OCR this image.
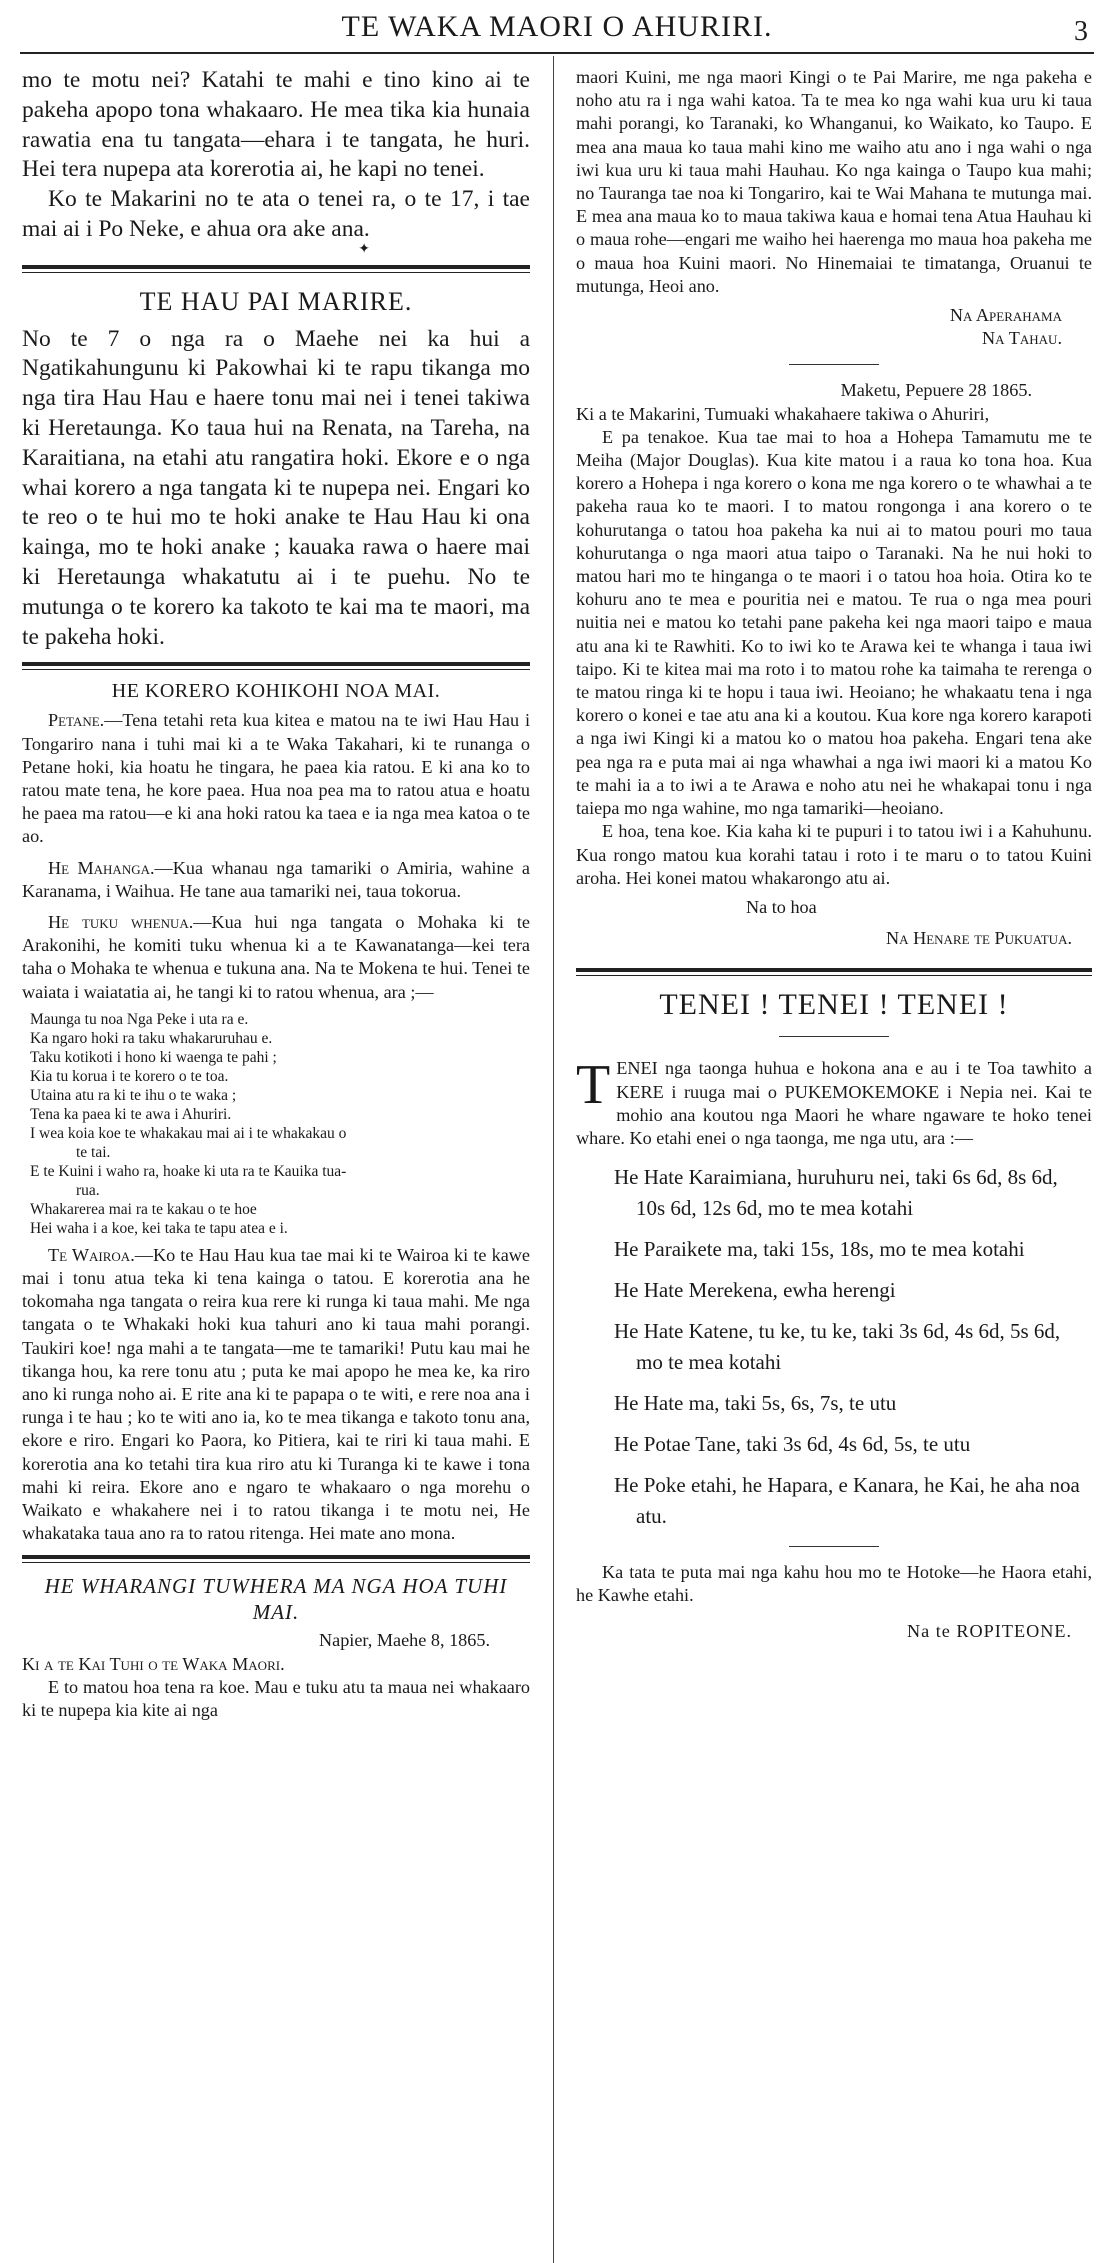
TE WAKA MAORI O AHURIRI.	3

mo te motu nei? Katahi te mahi e tino kino ai te pakeha apopo tona whakaaro. He mea tika kia hunaia rawatia ena tu tangata—ehara i te tangata, he huri. Hei tera nupepa ata korerotia ai, he kapi no tenei.

Ko te Makarini no te ata o tenei ra, o te 17, i tae mai ai i Po Neke, e ahua ora ake ana.

✦
TE HAU PAI MARIRE.

No te 7 o nga ra o Maehe nei ka hui a Ngatikahungunu ki Pakowhai ki te rapu tikanga mo nga tira Hau Hau e haere tonu mai nei i tenei takiwa ki Heretaunga. Ko taua hui na Renata, na Tareha, na Karaitiana, na etahi atu rangatira hoki. Ekore e o nga whai korero a nga tangata ki te nupepa nei. Engari ko te reo o te hui mo te hoki anake te Hau Hau ki ona kainga, mo te hoki anake ; kauaka rawa o haere mai ki Heretaunga whakatutu ai i te puehu. No te mutunga o te korero ka takoto te kai ma te maori, ma te pakeha hoki.

HE KORERO KOHIKOHI NOA MAI.

Petane.—Tena tetahi reta kua kitea e matou na te iwi Hau Hau i Tongariro nana i tuhi mai ki a te Waka Takahari, ki te runanga o Petane hoki, kia hoatu he tingara, he paea kia ratou. E ki ana ko to ratou mate tena, he kore paea. Hua noa pea ma to ratou atua e hoatu he paea ma ratou—e ki ana hoki ratou ka taea e ia nga mea katoa o te ao.

He Mahanga.—Kua whanau nga tamariki o Amiria, wahine a Karanama, i Waihua. He tane aua tamariki nei, taua tokorua.

He tuku whenua.—Kua hui nga tangata o Mohaka ki te Arakonihi, he komiti tuku whenua ki a te Kawanatanga—kei tera taha o Mohaka te whenua e tukuna ana. Na te Mokena te hui. Tenei te waiata i waiatatia ai, he tangi ki to ratou whenua, ara ;—

Maunga tu noa Nga Peke i uta ra e.
Ka ngaro hoki ra taku whakaruruhau e.
Taku kotikoti i hono ki waenga te pahi ;
Kia tu korua i te korero o te toa.
Utaina atu ra ki te ihu o te waka ;
Tena ka paea ki te awa i Ahuriri.
I wea koia koe te whakakau mai ai i te whakakau o
te tai.
E te Kuini i waho ra, hoake ki uta ra te Kauika tua-
rua.
Whakarerea mai ra te kakau o te hoe
Hei waha i a koe, kei taka te tapu atea e i.

Te Wairoa.—Ko te Hau Hau kua tae mai ki te Wairoa ki te kawe mai i tonu atua teka ki tena kainga o tatou. E korerotia ana he tokomaha nga tangata o reira kua rere ki runga ki taua mahi. Me nga tangata o te Whakaki hoki kua tahuri ano ki taua mahi porangi. Taukiri koe! nga mahi a te tangata—me te tamariki! Putu kau mai he tikanga hou, ka rere tonu atu ; puta ke mai apopo he mea ke, ka riro ano ki runga noho ai. E rite ana ki te papapa o te witi, e rere noa ana i runga i te hau ; ko te witi ano ia, ko te mea tikanga e takoto tonu ana, ekore e riro. Engari ko Paora, ko Pitiera, kai te riri ki taua mahi. E korerotia ana ko tetahi tira kua riro atu ki Turanga ki te kawe i tona mahi ki reira. Ekore ano e ngaro te whakaaro o nga morehu o Waikato e whakahere nei i to ratou tikanga i te motu nei, He whakataka taua ano ra to ratou ritenga. Hei mate ano mona.

HE WHARANGI TUWHERA MA NGA HOA TUHI MAI.

Napier, Maehe 8, 1865.

Ki a te Kai Tuhi o te Waka Maori.

E to matou hoa tena ra koe. Mau e tuku atu ta maua nei whakaaro ki te nupepa kia kite ai nga

maori Kuini, me nga maori Kingi o te Pai Marire, me nga pakeha e noho atu ra i nga wahi katoa. Ta te mea ko nga wahi kua uru ki taua mahi porangi, ko Taranaki, ko Whanganui, ko Waikato, ko Taupo. E mea ana maua ko taua mahi kino me waiho atu ano i nga wahi o nga iwi kua uru ki taua mahi Hauhau. Ko nga kainga o Taupo kua mahi; no Tauranga tae noa ki Tongariro, kai te Wai Mahana te mutunga mai. E mea ana maua ko to maua takiwa kaua e homai tena Atua Hauhau ki o maua rohe—engari me waiho hei haerenga mo maua hoa pakeha me o maua hoa Kuini maori. No Hinemaiai te timatanga, Oruanui te mutunga, Heoi ano.

Na Aperahama

Na Tahau.

Maketu, Pepuere 28 1865.

Ki a te Makarini, Tumuaki whakahaere takiwa o Ahuriri,

E pa tenakoe. Kua tae mai to hoa a Hohepa Tamamutu me te Meiha (Major Douglas). Kua kite matou i a raua ko tona hoa. Kua korero a Hohepa i nga korero o kona me nga korero o te whawhai a te pakeha raua ko te maori. I to matou rongonga i ana korero o te kohurutanga o tatou hoa pakeha ka nui ai to matou pouri mo taua kohurutanga o nga maori atua taipo o Taranaki. Na he nui hoki to matou hari mo te hinganga o te maori i o tatou hoa hoia. Otira ko te kohuru ano te mea e pouritia nei e matou. Te rua o nga mea pouri nuitia nei e matou ko tetahi pane pakeha kei nga maori taipo e maua atu ana ki te Rawhiti. Ko to iwi ko te Arawa kei te whanga i taua iwi taipo. Ki te kitea mai ma roto i to matou rohe ka taimaha te rerenga o te matou ringa ki te hopu i taua iwi. Heoiano; he whakaatu tena i nga korero o konei e tae atu ana ki a koutou. Kua kore nga korero karapoti a nga iwi Kingi ki a matou ko o matou hoa pakeha. Engari tena ake pea nga ra e puta mai ai nga whawhai a nga iwi maori ki a matou Ko te mahi ia a to iwi a te Arawa e noho atu nei he whakapai tonu i nga taiepa mo nga wahine, mo nga tamariki—heoiano.

E hoa, tena koe. Kia kaha ki te pupuri i to tatou iwi i a Kahuhunu. Kua rongo matou kua korahi tatau i roto i te maru o to tatou Kuini aroha. Hei konei matou whakarongo atu ai.

Na to hoa

Na Henare te Pukuatua.

TENEI ! TENEI ! TENEI !

TENEI nga taonga huhua e hokona ana e au i te Toa tawhito a KERE i ruuga mai o PUKEMOKEMOKE i Nepia nei. Kai te mohio ana koutou nga Maori he whare ngaware te hoko tenei whare. Ko etahi enei o nga taonga, me nga utu, ara :—

He Hate Karaimiana, huruhuru nei, taki 6s 6d, 8s 6d, 10s 6d, 12s 6d, mo te mea kotahi
He Paraikete ma, taki 15s, 18s, mo te mea kotahi
He Hate Merekena, ewha herengi
He Hate Katene, tu ke, tu ke, taki 3s 6d, 4s 6d, 5s 6d, mo te mea kotahi
He Hate ma, taki 5s, 6s, 7s, te utu
He Potae Tane, taki 3s 6d, 4s 6d, 5s, te utu
He Poke etahi, he Hapara, e Kanara, he Kai, he aha noa atu.

Ka tata te puta mai nga kahu hou mo te Hotoke—he Haora etahi, he Kawhe etahi.

Na te ROPITEONE.
